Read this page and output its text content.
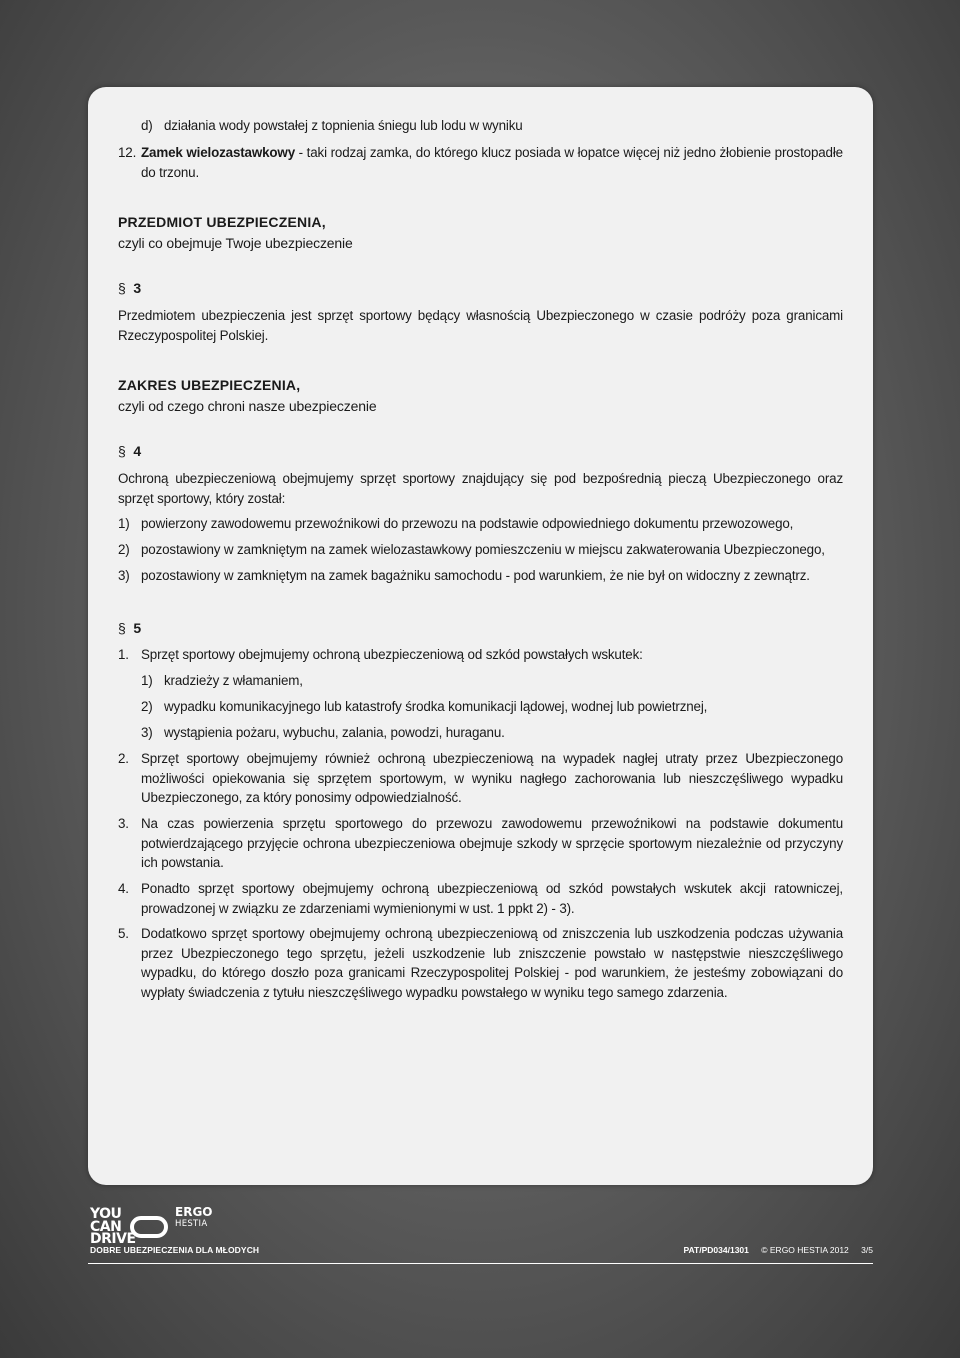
d) działania wody powstałej z topnienia śniegu lub lodu w wyniku
12. Zamek wielozastawkowy - taki rodzaj zamka, do którego klucz posiada w łopatce więcej niż jedno żłobienie prostopadłe do trzonu.
PRZEDMIOT UBEZPIECZENIA,
czyli co obejmuje Twoje ubezpieczenie
§ 3
Przedmiotem ubezpieczenia jest sprzęt sportowy będący własnością Ubezpieczonego w czasie podróży poza granicami Rzeczypospolitej Polskiej.
ZAKRES UBEZPIECZENIA,
czyli od czego chroni nasze ubezpieczenie
§ 4
Ochroną ubezpieczeniową obejmujemy sprzęt sportowy znajdujący się pod bezpośrednią pieczą Ubezpieczonego oraz sprzęt sportowy, który został:
1) powierzony zawodowemu przewoźnikowi do przewozu na podstawie odpowiedniego dokumentu przewozowego,
2) pozostawiony w zamkniętym na zamek wielozastawkowy pomieszczeniu w miejscu zakwaterowania Ubezpieczonego,
3) pozostawiony w zamkniętym na zamek bagażniku samochodu - pod warunkiem, że nie był on widoczny z zewnątrz.
§ 5
1. Sprzęt sportowy obejmujemy ochroną ubezpieczeniową od szkód powstałych wskutek:
1) kradzieży z włamaniem,
2) wypadku komunikacyjnego lub katastrofy środka komunikacji lądowej, wodnej lub powietrznej,
3) wystąpienia pożaru, wybuchu, zalania, powodzi, huraganu.
2. Sprzęt sportowy obejmujemy również ochroną ubezpieczeniową na wypadek nagłej utraty przez Ubezpieczonego możliwości opiekowania się sprzętem sportowym, w wyniku nagłego zachorowania lub nieszczęśliwego wypadku Ubezpieczonego, za który ponosimy odpowiedzialność.
3. Na czas powierzenia sprzętu sportowego do przewozu zawodowemu przewoźnikowi na podstawie dokumentu potwierdzającego przyjęcie ochrona ubezpieczeniowa obejmuje szkody w sprzęcie sportowym niezależnie od przyczyny ich powstania.
4. Ponadto sprzęt sportowy obejmujemy ochroną ubezpieczeniową od szkód powstałych wskutek akcji ratowniczej, prowadzonej w związku ze zdarzeniami wymienionymi w ust. 1 ppkt 2) - 3).
5. Dodatkowo sprzęt sportowy obejmujemy ochroną ubezpieczeniową od zniszczenia lub uszkodzenia podczas używania przez Ubezpieczonego tego sprzętu, jeżeli uszkodzenie lub zniszczenie powstało w następstwie nieszczęśliwego wypadku, do którego doszło poza granicami Rzeczypospolitej Polskiej - pod warunkiem, że jesteśmy zobowiązani do wypłaty świadczenia z tytułu nieszczęśliwego wypadku powstałego w wyniku tego samego zdarzenia.
YOU
CAN
DRIVE
ERGO
HESTIA
DOBRE UBEZPIECZENIA DLA MŁODYCH	PAT/PD034/1301 © ERGO HESTIA 2012 3/5
